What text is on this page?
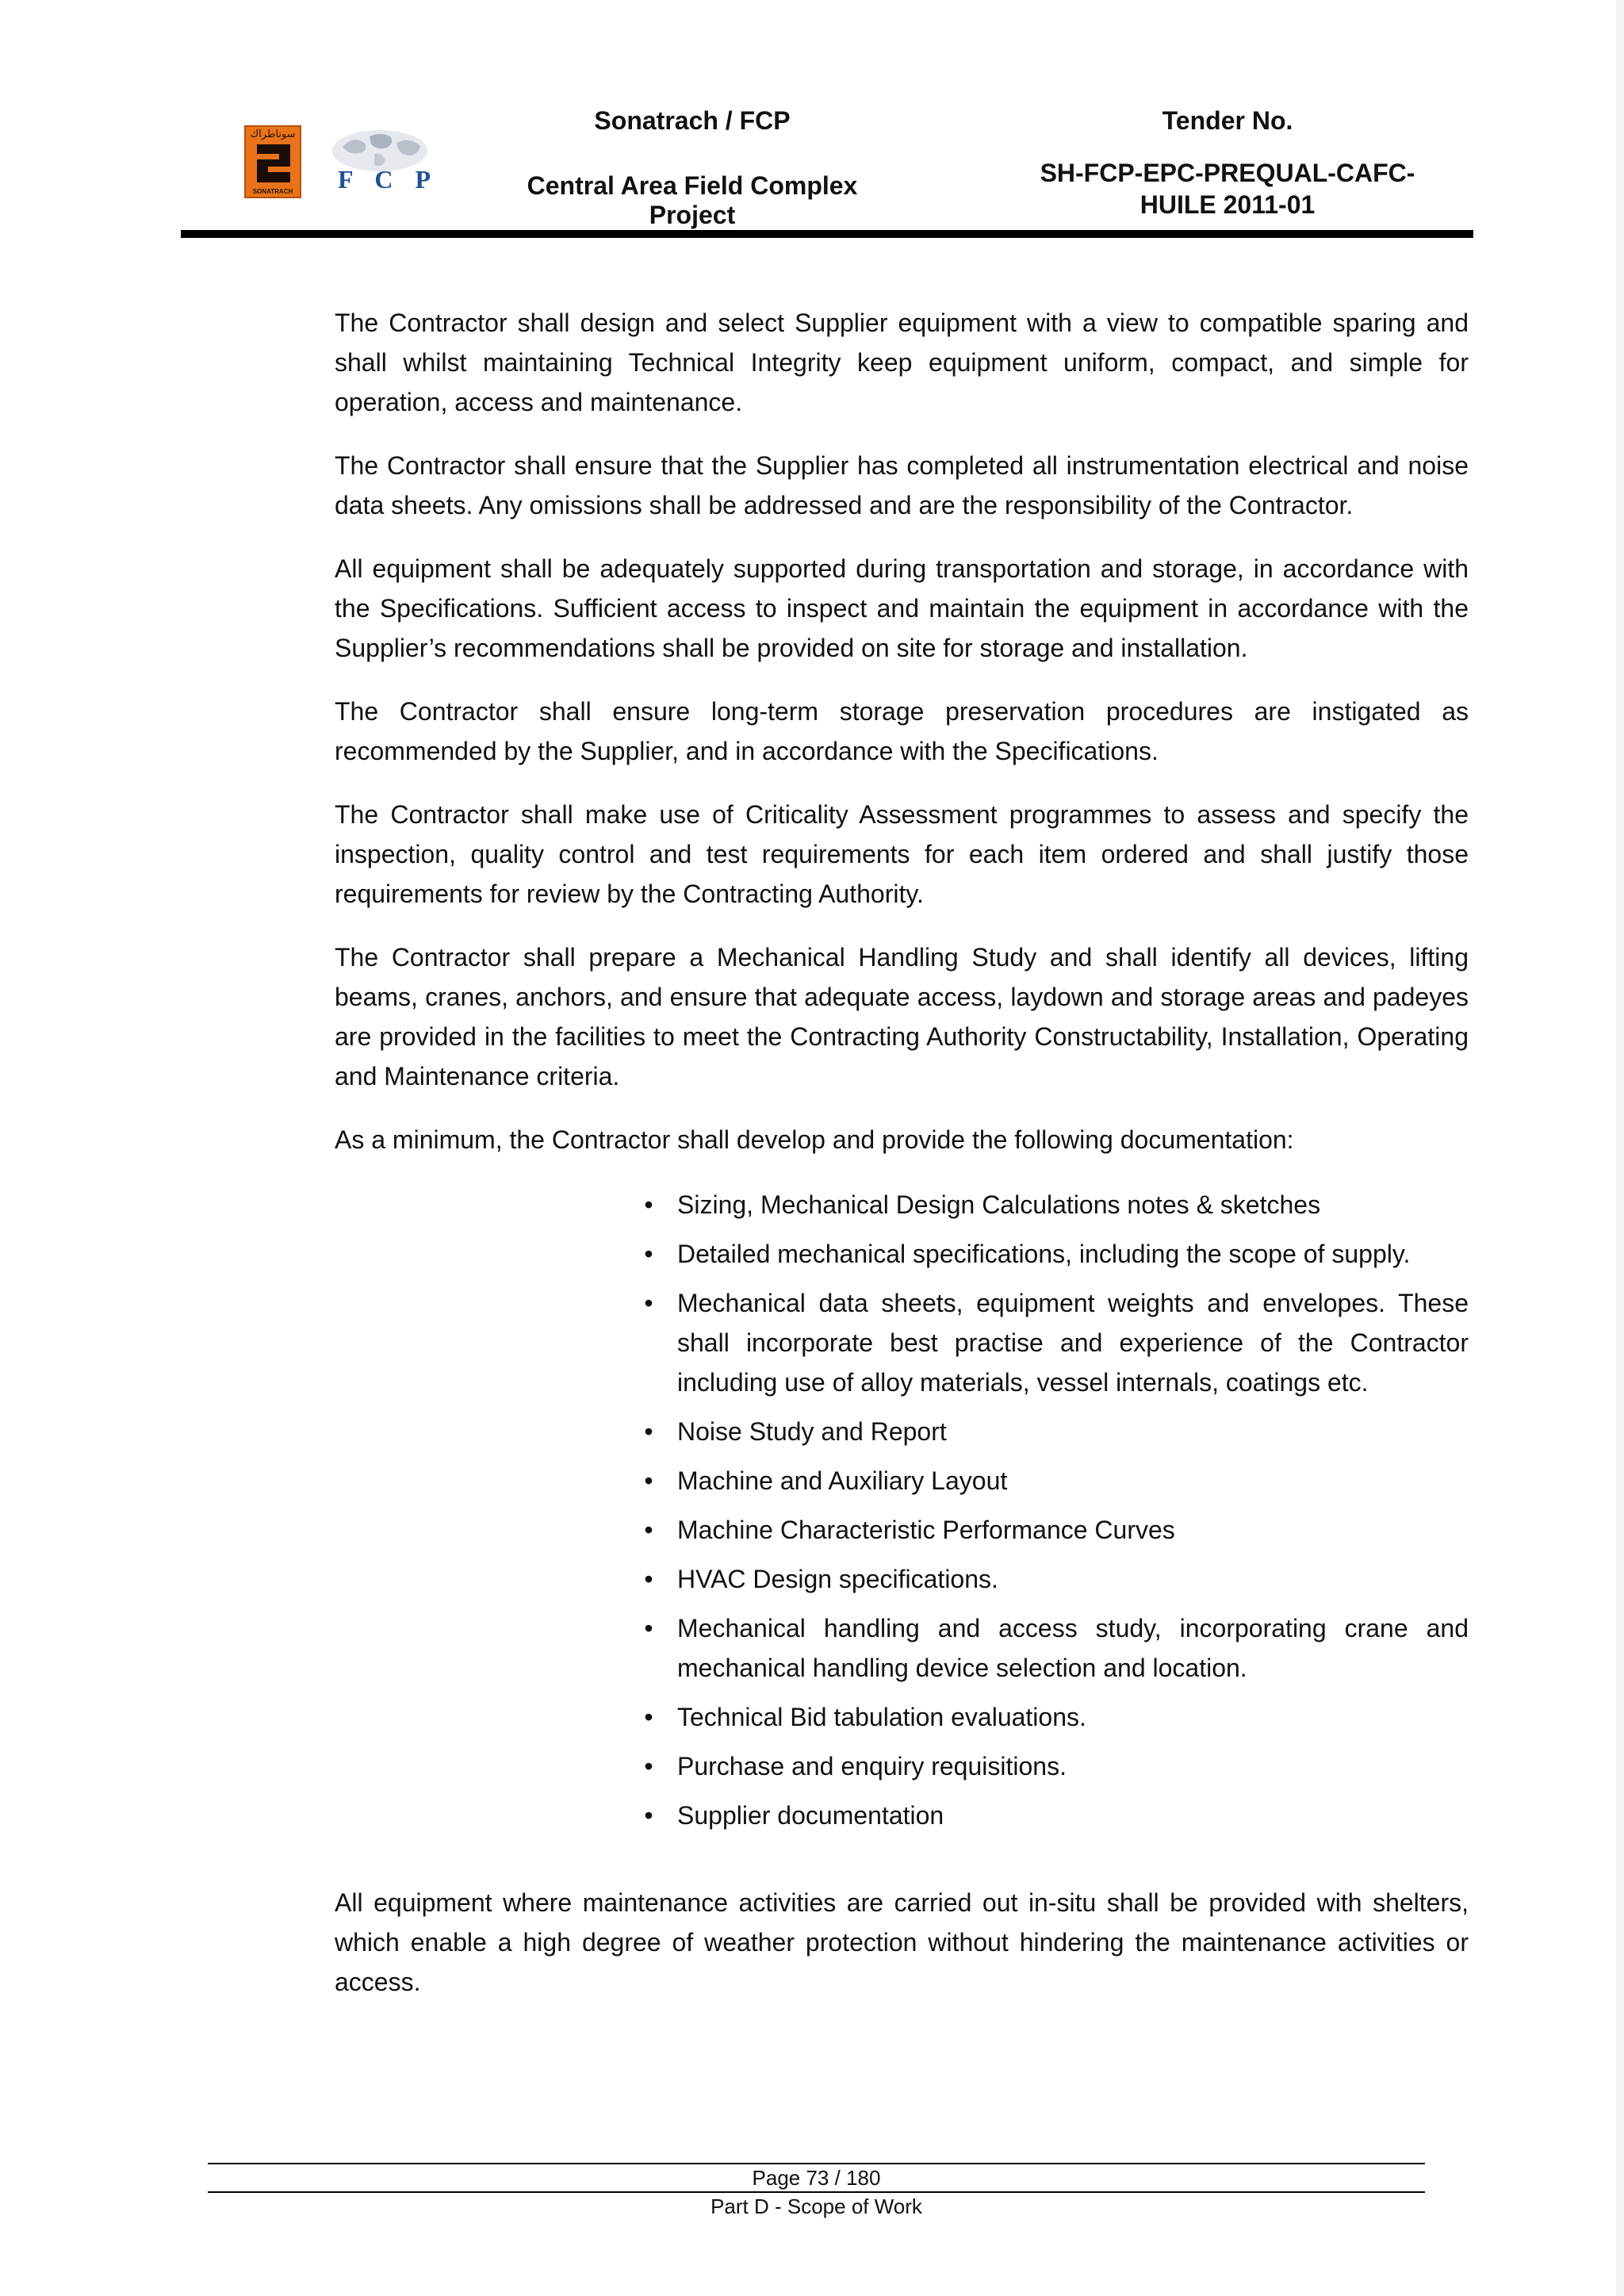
سوناطراك
SONATRACH F C P
Sonatrach / FCP
Central Area Field Complex Project
Tender No.
SH-FCP-EPC-PREQUAL-CAFC-
HUILE 2011-01

The Contractor shall design and select Supplier equipment with a view to compatible sparing and shall whilst maintaining Technical Integrity keep equipment uniform, compact, and simple for operation, access and maintenance.

The Contractor shall ensure that the Supplier has completed all instrumentation electrical and noise data sheets. Any omissions shall be addressed and are the responsibility of the Contractor.

All equipment shall be adequately supported during transportation and storage, in accordance with the Specifications. Sufficient access to inspect and maintain the equipment in accordance with the Supplier’s recommendations shall be provided on site for storage and installation.

The Contractor shall ensure long-term storage preservation procedures are instigated as recommended by the Supplier, and in accordance with the Specifications.

The Contractor shall make use of Criticality Assessment programmes to assess and specify the inspection, quality control and test requirements for each item ordered and shall justify those requirements for review by the Contracting Authority.

The Contractor shall prepare a Mechanical Handling Study and shall identify all devices, lifting beams, cranes, anchors, and ensure that adequate access, laydown and storage areas and padeyes are provided in the facilities to meet the Contracting Authority Constructability, Installation, Operating and Maintenance criteria.

As a minimum, the Contractor shall develop and provide the following documentation:

• Sizing, Mechanical Design Calculations notes & sketches
• Detailed mechanical specifications, including the scope of supply.
• Mechanical data sheets, equipment weights and envelopes. These shall incorporate best practise and experience of the Contractor including use of alloy materials, vessel internals, coatings etc.
• Noise Study and Report
• Machine and Auxiliary Layout
• Machine Characteristic Performance Curves
• HVAC Design specifications.
• Mechanical handling and access study, incorporating crane and mechanical handling device selection and location.
• Technical Bid tabulation evaluations.
• Purchase and enquiry requisitions.
• Supplier documentation

All equipment where maintenance activities are carried out in-situ shall be provided with shelters, which enable a high degree of weather protection without hindering the maintenance activities or access.

Page 73 / 180
Part D - Scope of Work
